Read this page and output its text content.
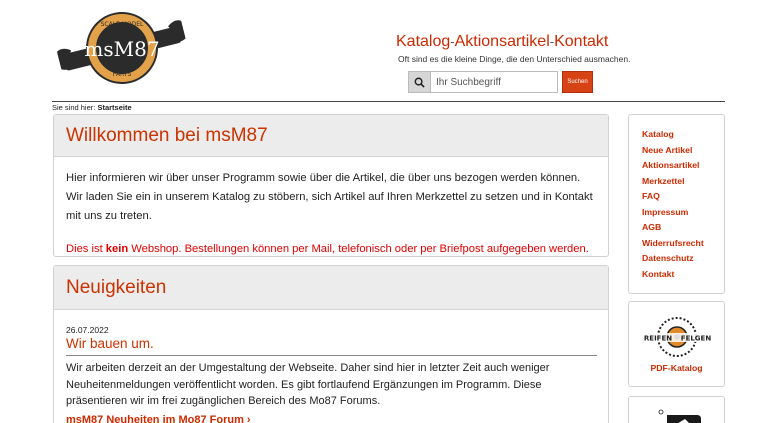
SCALE MODEL
PARTS
msM87	Katalog-Aktionsartikel-Kontakt
Oft sind es die kleine Dinge, die den Unterschied ausmachen.
Ihr Suchbegriff
Suchen
Sie sind hier: Startseite
Willkommen bei msM87

Hier informieren wir über unser Programm sowie über die Artikel, die über uns bezogen werden können. Wir laden Sie ein in unserem Katalog zu stöbern, sich Artikel auf Ihren Merkzettel zu setzen und in Kontakt mit uns zu treten.

Dies ist kein Webshop. Bestellungen können per Mail, telefonisch oder per Briefpost aufgegeben werden.

Neuigkeiten
26.07.2022
Wir bauen um.

Wir arbeiten derzeit an der Umgestaltung der Webseite. Daher sind hier in letzter Zeit auch weniger Neuheitenmeldungen veröffentlicht worden. Es gibt fortlaufend Ergänzungen im Programm. Diese präsentieren wir im frei zugänglichen Bereich des Mo87 Forums.

msM87 Neuheiten im Mo87 Forum ›
Katalog
Neue Artikel
Aktionsartikel
Merkzettel
FAQ
Impressum
AGB
Widerrufsrecht
Datenschutz
Kontakt
REIFEN FELGEN
PDF-Katalog
